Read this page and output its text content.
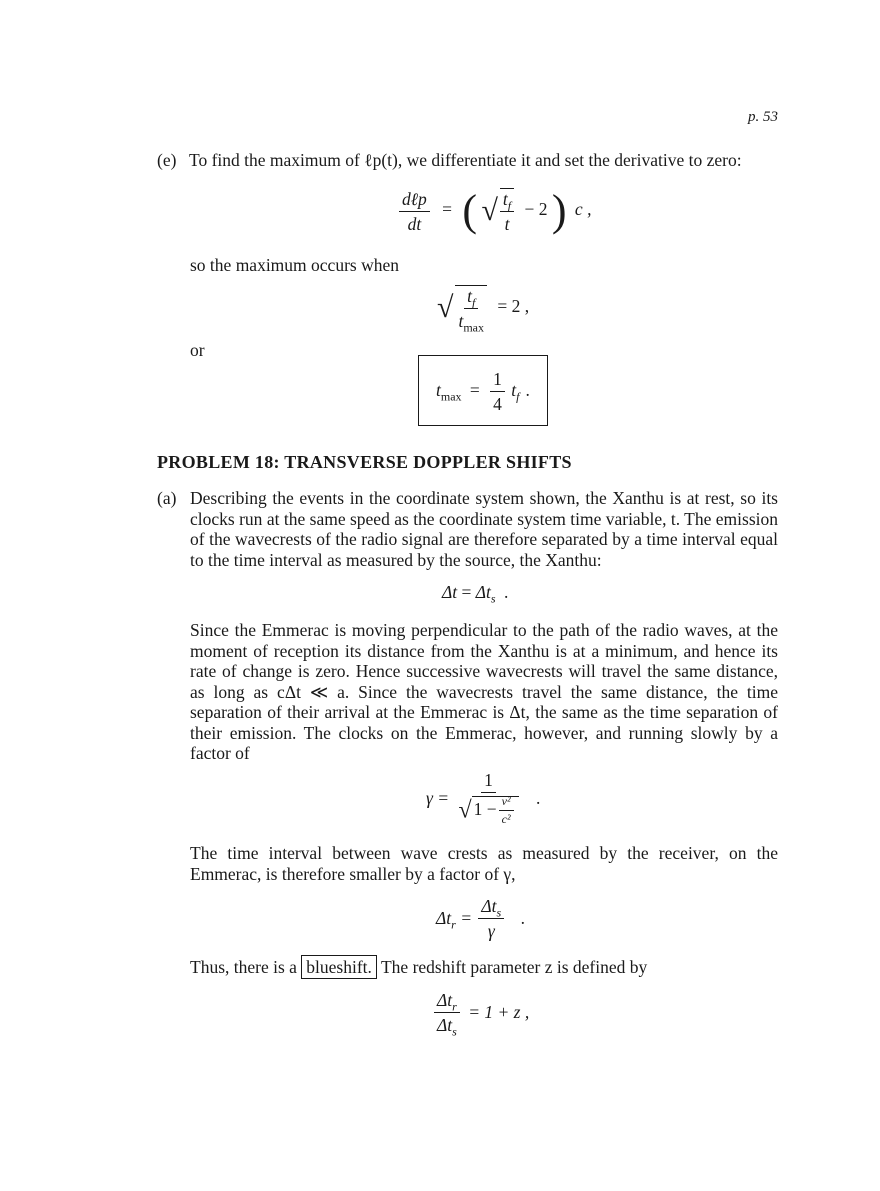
p. 53
(e) To find the maximum of ℓp(t), we differentiate it and set the derivative to zero:
$\frac{\text{dℓp}}{dt}$ = ( √ $\frac{t_f}{t} - 2$ ) c ,
so the maximum occurs when
√ $\frac{t_f}{t_{max}} = 2$ ,
or
$t_{max} = \frac{1}{4} t_f$ .
PROBLEM 18: TRANSVERSE DOPPLER SHIFTS
(a) Describing the events in the coordinate system shown, the Xanthu is at rest, so its clocks run at the same speed as the coordinate system time variable, t. The emission of the wavecrests of the radio signal are therefore separated by a time interval equal to the time interval as measured by the source, the Xanthu:
$\Delta t = \Delta t_s$ .
Since the Emmerac is moving perpendicular to the path of the radio waves, at the moment of reception its distance from the Xanthu is at a minimum, and hence its rate of change is zero. Hence successive wavecrests will travel the same distance, as long as cΔt ≪ a. Since the wavecrests travel the same distance, the time separation of their arrival at the Emmerac is Δt, the same as the time separation of their emission. The clocks on the Emmerac, however, and running slowly by a factor of
$\gamma = \frac{1}{√ 1 - \frac{\text{v²}}{\text{c²}}}$ .
The time interval between wave crests as measured by the receiver, on the Emmerac, is therefore smaller by a factor of γ,
$\Delta t_r = \frac{\Delta t_s}{\gamma}$ .
Thus, there is a blueshift. The redshift parameter z is defined by
$\frac{\Delta t_r}{\Delta t_s} = 1 + z$ ,
